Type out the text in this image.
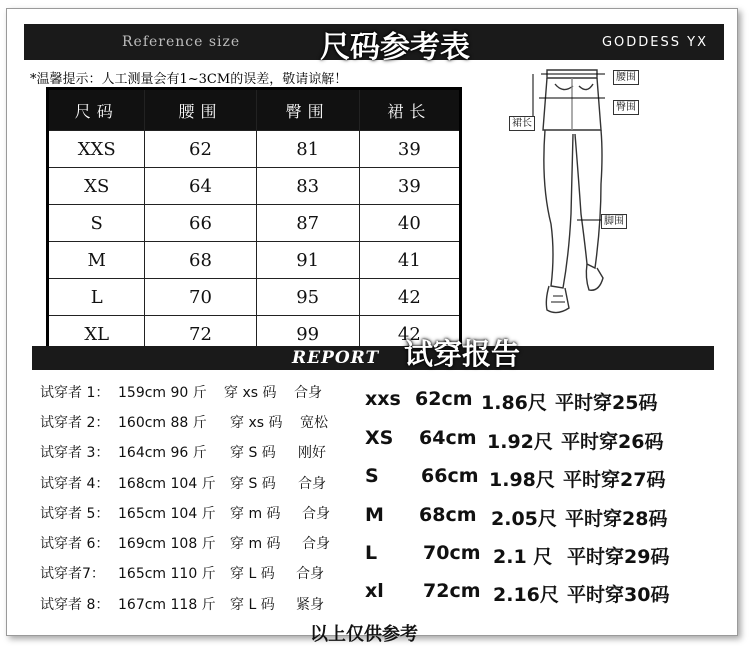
Reference size	尺码参考表	GODDESS YX
*温馨提示：人工测量会有1~3CM的误差，敬请谅解！
尺码	腰围	臀围	裙长
XXS	62	81	39
XS	64	83	39
S	66	87	40
M	68	91	41
L	70	95	42
XL	72	99	42
腰围
臀围
裙长
脚围
REPORT 试穿报告
试穿者 1： 159cm 90 斤 穿 xs 码 合身
试穿者 2： 160cm 88 斤 穿 xs 码 宽松
试穿者 3： 164cm 96 斤 穿 S 码 刚好
试穿者 4： 168cm 104 斤 穿 S 码 合身
试穿者 5： 165cm 104 斤 穿 m 码 合身
试穿者 6： 169cm 108 斤 穿 m 码 合身
试穿者7： 165cm 110 斤 穿 L 码 合身
试穿者 8： 167cm 118 斤 穿 L 码 紧身
xxs 62cm 1.86尺 平时穿25码
XS 64cm 1.92尺 平时穿26码
S 66cm 1.98尺 平时穿27码
M 68cm 2.05尺 平时穿28码
L 70cm 2.1 尺 平时穿29码
xl 72cm 2.16尺 平时穿30码
以上仅供参考
